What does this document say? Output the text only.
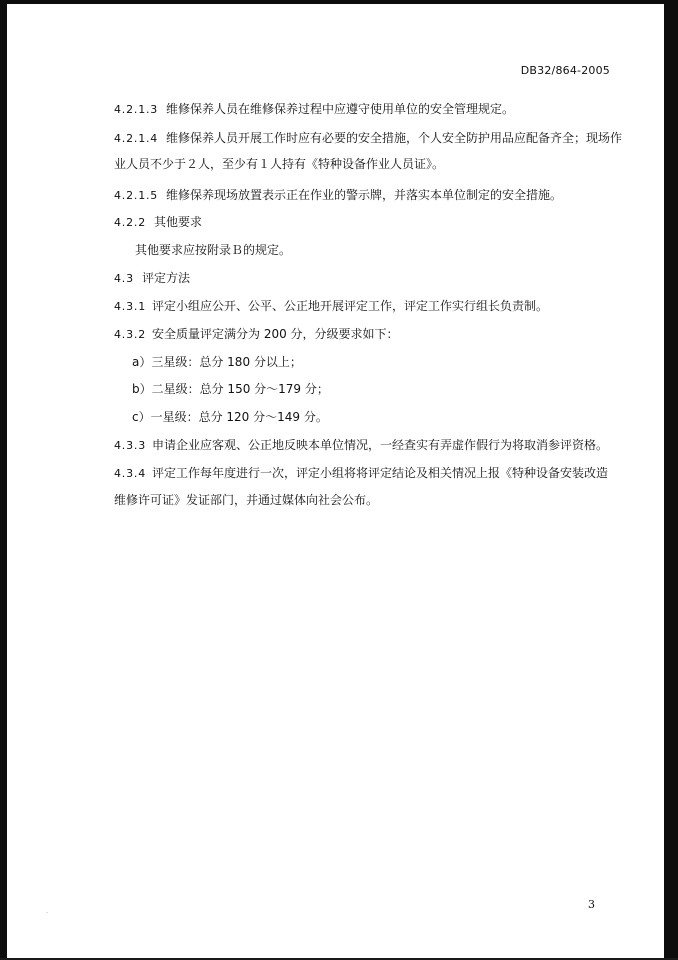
DB32/864-2005
4.2.1.3 维修保养人员在维修保养过程中应遵守使用单位的安全管理规定。
4.2.1.4 维修保养人员开展工作时应有必要的安全措施，个人安全防护用品应配备齐全；现场作
业人员不少于２人，至少有１人持有《特种设备作业人员证》。
4.2.1.5 维修保养现场放置表示正在作业的警示牌，并落实本单位制定的安全措施。
4.2.2 其他要求
其他要求应按附录Ｂ的规定。
4.3 评定方法
4.3.1 评定小组应公开、公平、公正地开展评定工作，评定工作实行组长负责制。
4.3.2 安全质量评定满分为 200 分，分级要求如下：
a）三星级：总分 180 分以上；
b）二星级：总分 150 分～179 分；
c）一星级：总分 120 分～149 分。
4.3.3 申请企业应客观、公正地反映本单位情况，一经查实有弄虚作假行为将取消参评资格。
4.3.4 评定工作每年度进行一次，评定小组将将评定结论及相关情况上报《特种设备安装改造
维修许可证》发证部门，并通过媒体向社会公布。
3
·
